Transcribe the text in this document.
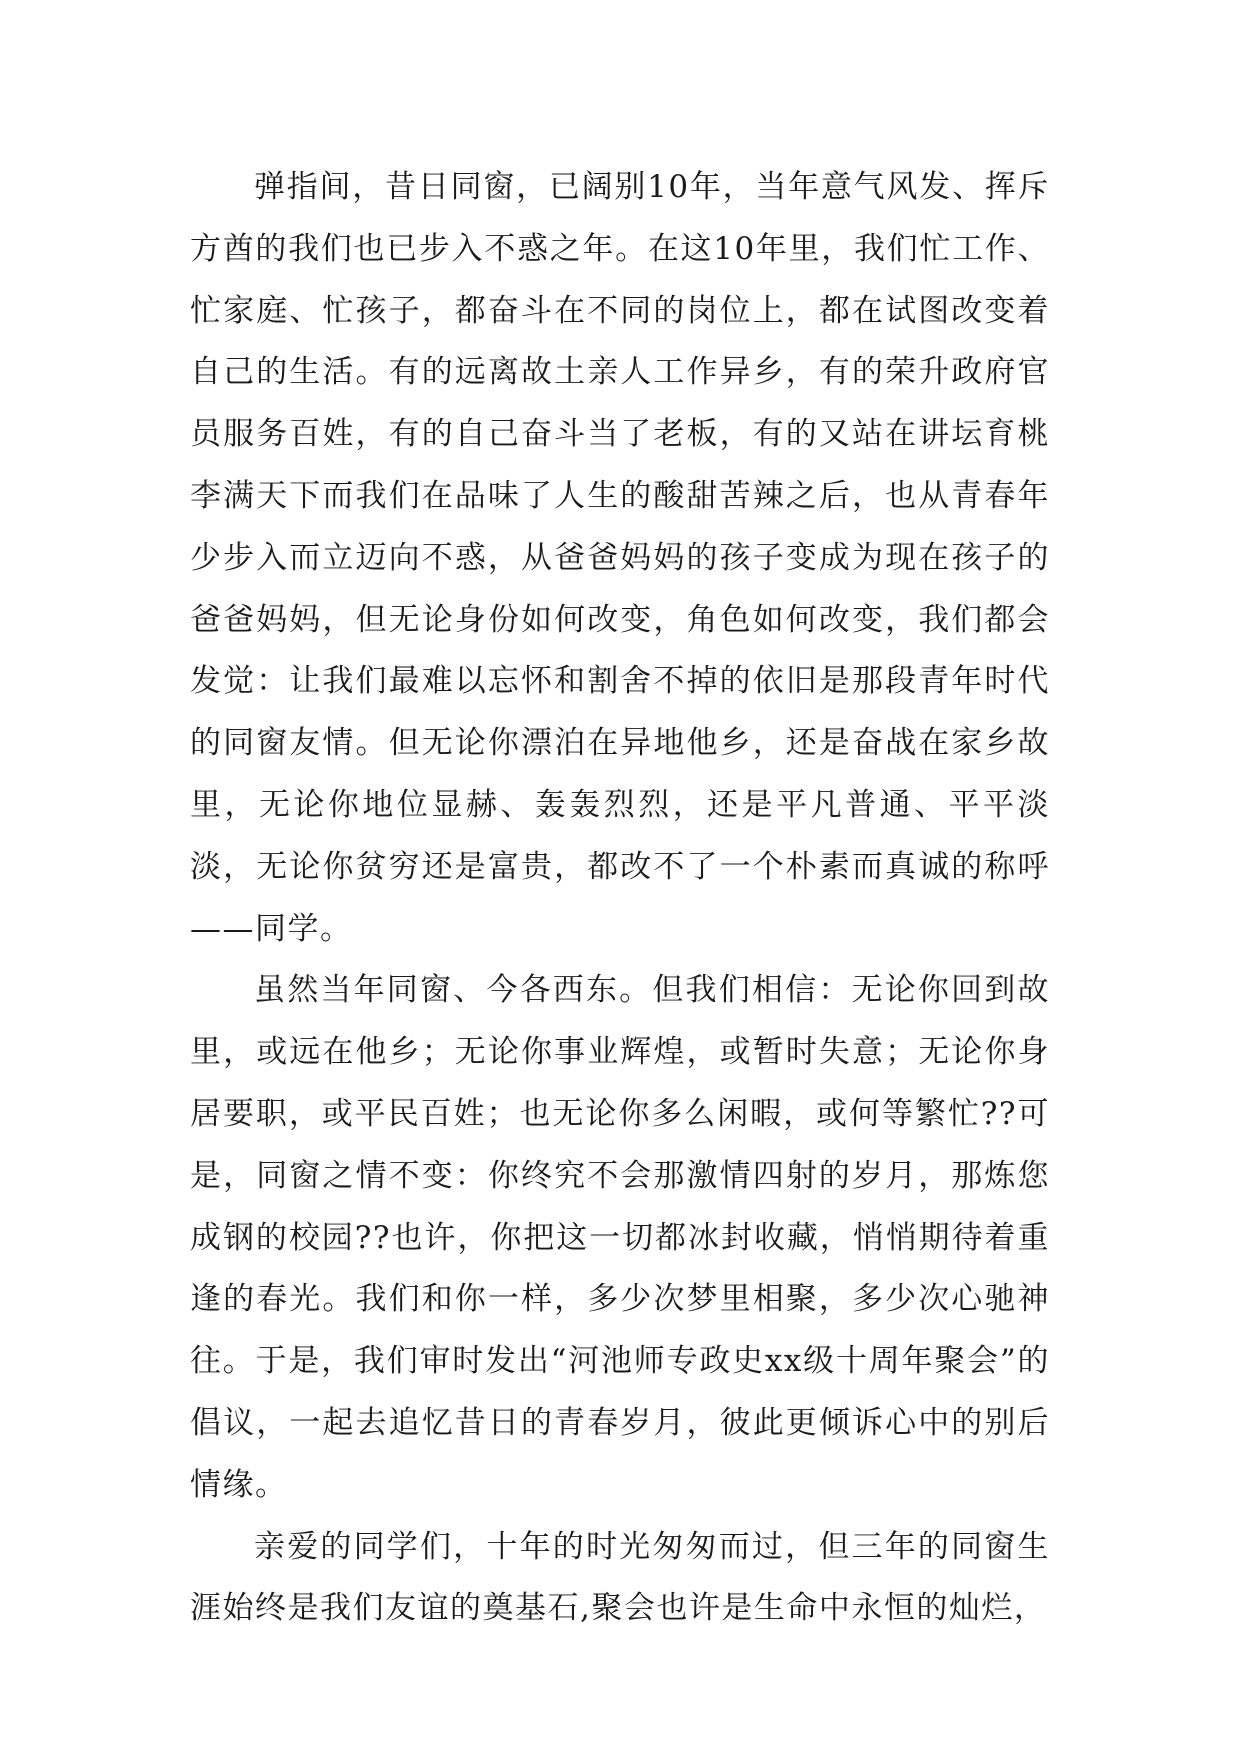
弹指间，昔日同窗，已阔别10年，当年意气风发、挥斥方酋的我们也已步入不惑之年。在这10年里，我们忙工作、忙家庭、忙孩子，都奋斗在不同的岗位上，都在试图改变着自己的生活。有的远离故土亲人工作异乡，有的荣升政府官员服务百姓，有的自己奋斗当了老板，有的又站在讲坛育桃李满天下而我们在品味了人生的酸甜苦辣之后，也从青春年少步入而立迈向不惑，从爸爸妈妈的孩子变成为现在孩子的爸爸妈妈，但无论身份如何改变，角色如何改变，我们都会发觉：让我们最难以忘怀和割舍不掉的依旧是那段青年时代的同窗友情。但无论你漂泊在异地他乡，还是奋战在家乡故里，无论你地位显赫、轰轰烈烈，还是平凡普通、平平淡淡，无论你贫穷还是富贵，都改不了一个朴素而真诚的称呼——同学。

虽然当年同窗、今各西东。但我们相信：无论你回到故里，或远在他乡；无论你事业辉煌，或暂时失意；无论你身居要职，或平民百姓；也无论你多么闲暇，或何等繁忙??可是，同窗之情不变：你终究不会那激情四射的岁月，那炼您成钢的校园??也许，你把这一切都冰封收藏，悄悄期待着重逢的春光。我们和你一样，多少次梦里相聚，多少次心驰神往。于是，我们审时发出“河池师专政史xx级十周年聚会”的倡议，一起去追忆昔日的青春岁月，彼此更倾诉心中的别后情缘。

亲爱的同学们，十年的时光匆匆而过，但三年的同窗生涯始终是我们友谊的奠基石,聚会也许是生命中永恒的灿烂，
